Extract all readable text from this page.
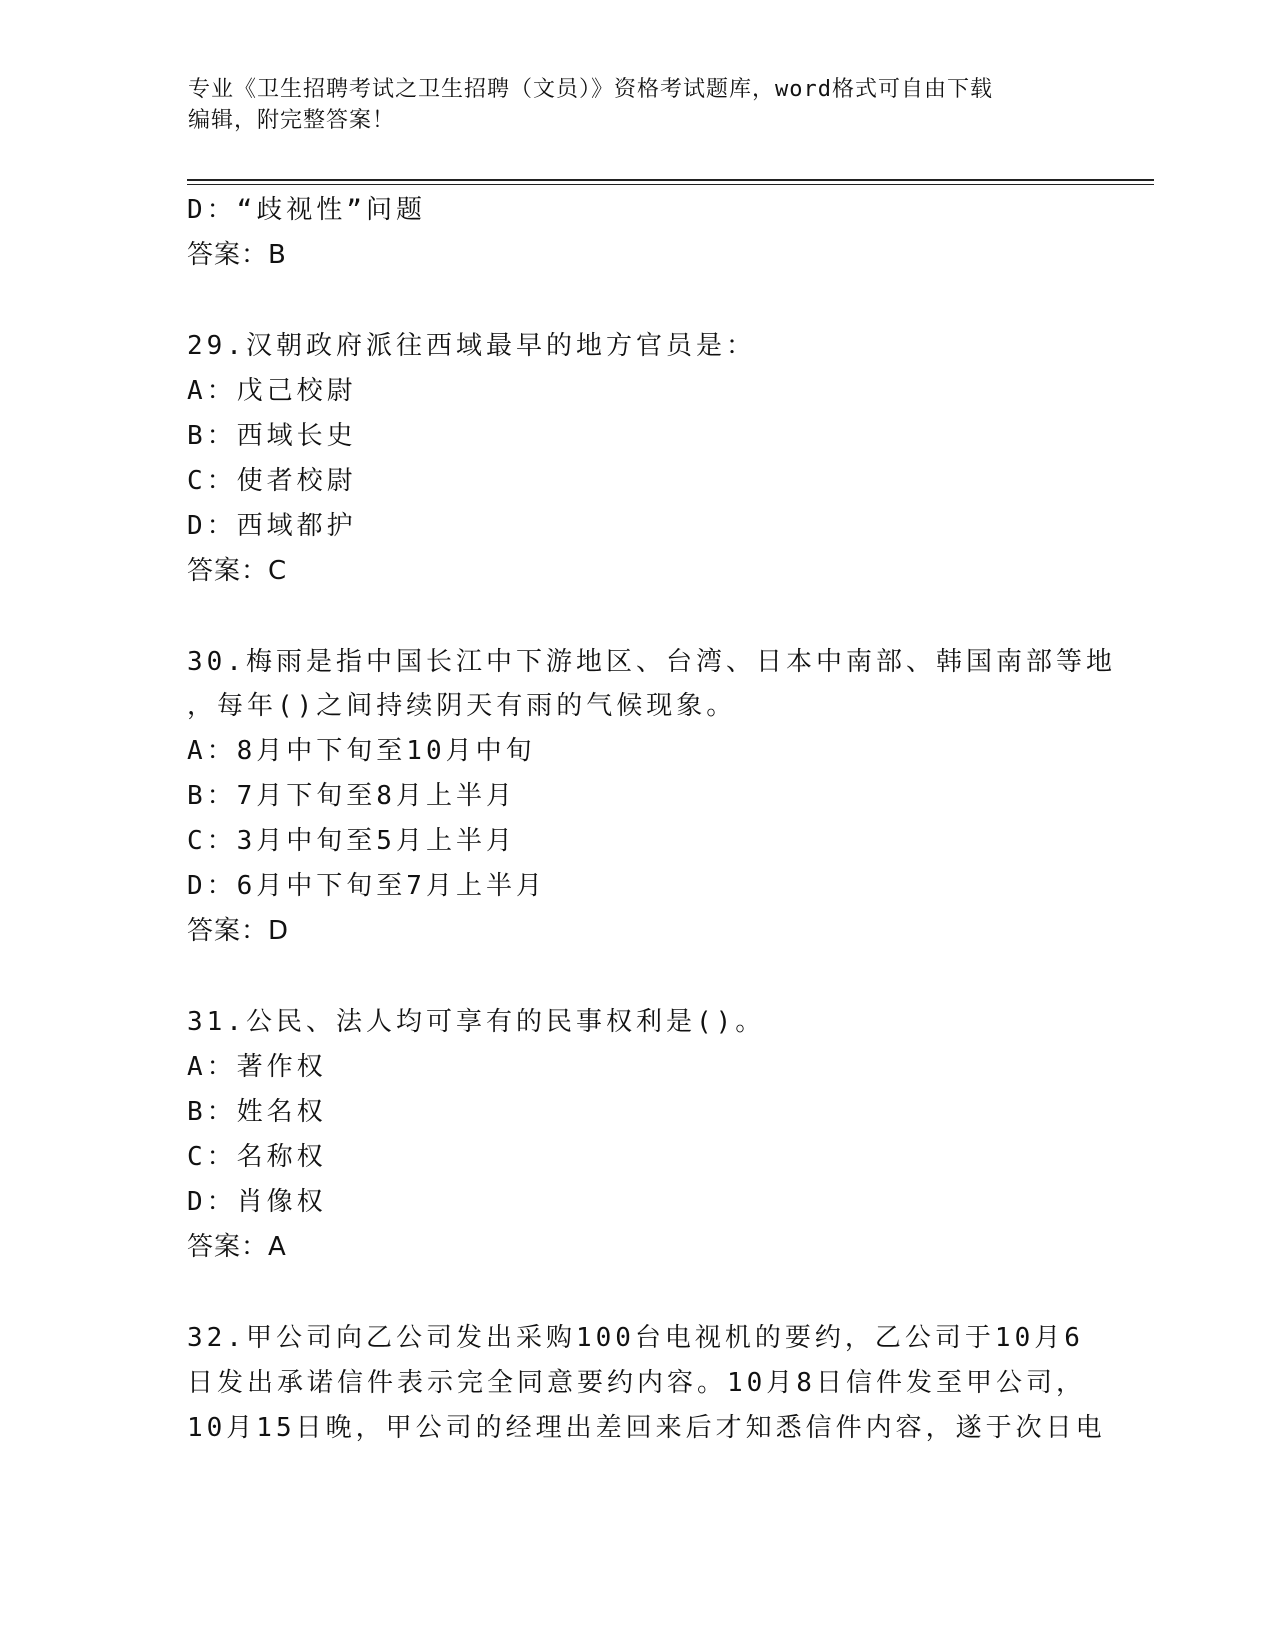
专业《卫生招聘考试之卫生招聘（文员）》资格考试题库，word格式可自由下载
编辑，附完整答案！
D：“歧视性”问题
答案：B
29.汉朝政府派往西域最早的地方官员是：
A：戊己校尉
B：西域长史
C：使者校尉
D：西域都护
答案：C
30.梅雨是指中国长江中下游地区、台湾、日本中南部、韩国南部等地
，每年()之间持续阴天有雨的气候现象。
A：8月中下旬至10月中旬
B：7月下旬至8月上半月
C：3月中旬至5月上半月
D：6月中下旬至7月上半月
答案：D
31.公民、法人均可享有的民事权利是()。
A：著作权
B：姓名权
C：名称权
D：肖像权
答案：A
32.甲公司向乙公司发出采购100台电视机的要约，乙公司于10月6
日发出承诺信件表示完全同意要约内容。10月8日信件发至甲公司，
10月15日晚，甲公司的经理出差回来后才知悉信件内容，遂于次日电
